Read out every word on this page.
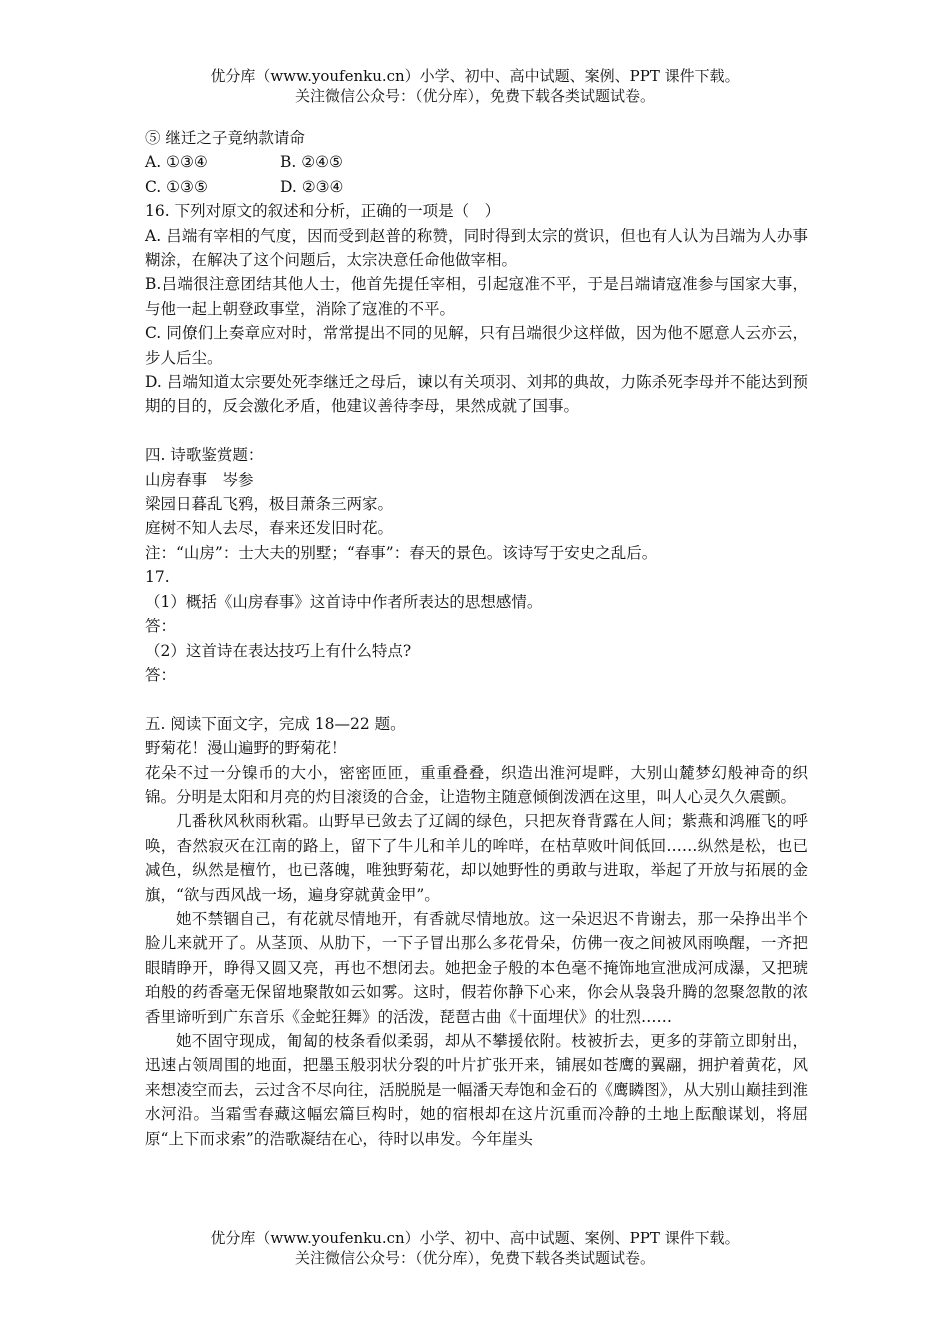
优分库（www.youfenku.cn）小学、初中、高中试题、案例、PPT 课件下载。
关注微信公众号：（优分库），免费下载各类试题试卷。

⑤ 继迁之子竟纳款请命

A. ①③④	B. ②④⑤

C. ①③⑤	D. ②③④

16. 下列对原文的叙述和分析，正确的一项是（　）

A. 吕端有宰相的气度，因而受到赵普的称赞，同时得到太宗的赏识，但也有人认为吕端为人办事糊涂，在解决了这个问题后，太宗决意任命他做宰相。

B.吕端很注意团结其他人士，他首先提任宰相，引起寇准不平，于是吕端请寇准参与国家大事，与他一起上朝登政事堂，消除了寇准的不平。

C. 同僚们上奏章应对时，常常提出不同的见解，只有吕端很少这样做，因为他不愿意人云亦云，步人后尘。

D. 吕端知道太宗要处死李继迁之母后，谏以有关项羽、刘邦的典故，力陈杀死李母并不能达到预期的目的，反会激化矛盾，他建议善待李母，果然成就了国事。

四. 诗歌鉴赏题：

山房春事　岑参

梁园日暮乱飞鸦，极目萧条三两家。

庭树不知人去尽，春来还发旧时花。

注：“山房”：士大夫的别墅；“春事”：春天的景色。该诗写于安史之乱后。

17.

（1）概括《山房春事》这首诗中作者所表达的思想感情。

答：

（2）这首诗在表达技巧上有什么特点?

答：

五. 阅读下面文字，完成 18—22 题。

野菊花！漫山遍野的野菊花！

花朵不过一分镍币的大小，密密匝匝，重重叠叠，织造出淮河堤畔，大别山麓梦幻般神奇的织锦。分明是太阳和月亮的灼目滚烫的合金，让造物主随意倾倒泼洒在这里，叫人心灵久久震颤。

几番秋风秋雨秋霜。山野早已敛去了辽阔的绿色，只把灰脊背露在人间；紫燕和鸿雁飞的呼唤，杳然寂灭在江南的路上，留下了牛儿和羊儿的哞咩，在枯草败叶间低回……纵然是松，也已减色，纵然是檀竹，也已落魄，唯独野菊花，却以她野性的勇敢与进取，举起了开放与拓展的金旗，“欲与西风战一场，遍身穿就黄金甲”。

她不禁锢自己，有花就尽情地开，有香就尽情地放。这一朵迟迟不肯谢去，那一朵挣出半个脸儿来就开了。从茎顶、从肋下，一下子冒出那么多花骨朵，仿佛一夜之间被风雨唤醒，一齐把眼睛睁开，睁得又圆又亮，再也不想闭去。她把金子般的本色毫不掩饰地宣泄成河成瀑，又把琥珀般的药香毫无保留地聚散如云如雾。这时，假若你静下心来，你会从袅袅升腾的忽聚忽散的浓香里谛听到广东音乐《金蛇狂舞》的活泼，琵琶古曲《十面埋伏》的壮烈……

她不固守现成，匍匐的枝条看似柔弱，却从不攀援依附。枝被折去，更多的芽箭立即射出，迅速占领周围的地面，把墨玉般羽状分裂的叶片扩张开来，铺展如苍鹰的翼翮，拥护着黄花，风来想凌空而去，云过含不尽向往，活脱脱是一幅潘天寿饱和金石的《鹰瞵图》，从大别山巅挂到淮水河沿。当霜雪春藏这幅宏篇巨构时，她的宿根却在这片沉重而冷静的土地上酝酿谋划，将屈原“上下而求索”的浩歌凝结在心，待时以串发。今年崖头

优分库（www.youfenku.cn）小学、初中、高中试题、案例、PPT 课件下载。
关注微信公众号：（优分库），免费下载各类试题试卷。
